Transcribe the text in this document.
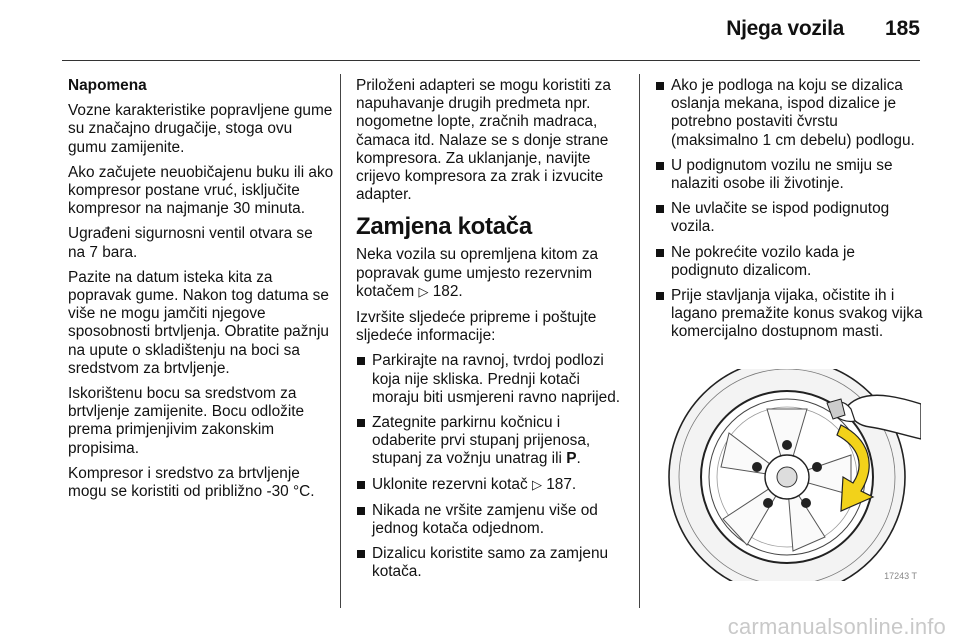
Njega vozila 185

Napomena

Vozne karakteristike popravljene gume su značajno drugačije, stoga ovu gumu zamijenite.

Ako začujete neuobičajenu buku ili ako kompresor postane vruć, isključite kompresor na najmanje 30 minuta.

Ugrađeni sigurnosni ventil otvara se na 7 bara.

Pazite na datum isteka kita za popravak gume. Nakon tog datuma se više ne mogu jamčiti njegove sposobnosti brtvljenja. Obratite pažnju na upute o skladištenju na boci sa sredstvom za brtvljenje.

Iskorištenu bocu sa sredstvom za brtvljenje zamijenite. Bocu odložite prema primjenjivim zakonskim propisima.

Kompresor i sredstvo za brtvljenje mogu se koristiti od približno -30 °C.

Priloženi adapteri se mogu koristiti za napuhavanje drugih predmeta npr. nogometne lopte, zračnih madraca, čamaca itd. Nalaze se s donje strane kompresora. Za uklanjanje, navijte crijevo kompresora za zrak i izvucite adapter.

Zamjena kotača

Neka vozila su opremljena kitom za popravak gume umjesto rezervnim kotačem ▷ 182.

Izvršite sljedeće pripreme i poštujte sljedeće informacije:

Parkirajte na ravnoj, tvrdoj podlozi koja nije skliska. Prednji kotači moraju biti usmjereni ravno naprijed.
Zategnite parkirnu kočnicu i odaberite prvi stupanj prijenosa, stupanj za vožnju unatrag ili P.
Uklonite rezervni kotač ▷ 187.
Nikada ne vršite zamjenu više od jednog kotača odjednom.
Dizalicu koristite samo za zamjenu kotača.
Ako je podloga na koju se dizalica oslanja mekana, ispod dizalice je potrebno postaviti čvrstu (maksimalno 1 cm debelu) podlogu.
U podignutom vozilu ne smiju se nalaziti osobe ili životinje.
Ne uvlačite se ispod podignutog vozila.
Ne pokrećite vozilo kada je podignuto dizalicom.
Prije stavljanja vijaka, očistite ih i lagano premažite konus svakog vijka komercijalno dostupnom masti.
17243 T
carmanualsonline.info
